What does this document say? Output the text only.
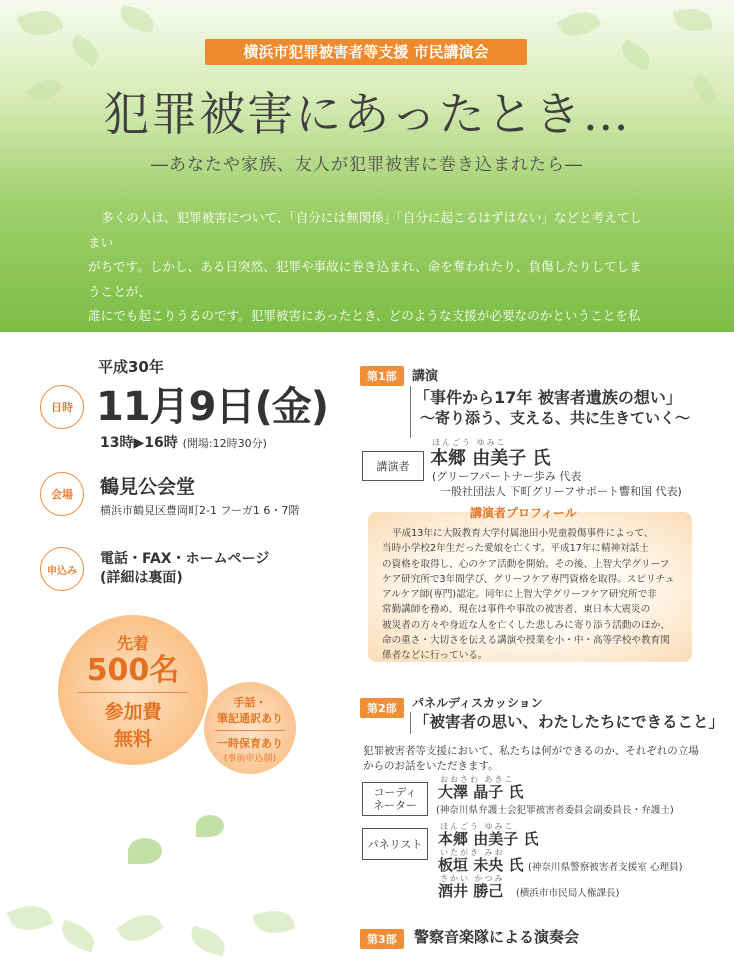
横浜市犯罪被害者等支援 市民講演会
犯罪被害にあったとき…
―あなたや家族、友人が犯罪被害に巻き込まれたら―

多くの人は、犯罪被害について、「自分には無関係」「自分に起こるはずはない」などと考えてしまい

がちです。しかし、ある日突然、犯罪や事故に巻き込まれ、命を奪われたり、負傷したりしてしまうことが、

誰にでも起こりうるのです。犯罪被害にあったとき、どのような支援が必要なのかということを私

日時
平成30年
11月9日(金)
13時▶16時 (開場:12時30分)
会場 鶴見公会堂
横浜市鶴見区豊岡町2-1 フーガ1 6・7階
申込み
電話・FAX・ホームページ
(詳細は裏面)
先着
500名
参加費
無料
手話・
筆記通訳あり
一時保育あり
(事前申込制)
第1部	講演
「事件から17年 被害者遺族の想い」
〜寄り添う、支える、共に生きていく〜
講演者
ほんごう ゆみこ
本郷 由美子 氏
(グリーフパートナー歩み 代表
一般社団法人 下町グリーフサポート響和国 代表)
講演者プロフィール
平成13年に大阪教育大学付属池田小児童殺傷事件によって、
当時小学校2年生だった愛娘を亡くす。平成17年に精神対話士
の資格を取得し、心のケア活動を開始。その後、上智大学グリーフ
ケア研究所で3年間学び、グリーフケア専門資格を取得。スピリチュ
アルケア師(専門)認定。同年に上智大学グリーフケア研究所で非
常勤講師を務め、現在は事件や事故の被害者、東日本大震災の
被災者の方々や身近な人を亡くした悲しみに寄り添う活動のほか、
命の重さ・大切さを伝える講演や授業を小・中・高等学校や教育関
係者などに行っている。
第2部	パネルディスカッション
「被害者の思い、わたしたちにできること」
犯罪被害者等支援において、私たちは何ができるのか、それぞれの立場
からのお話をいただきます。
コーディ
ネーター
おおさわ あきこ
大澤 晶子 氏
(神奈川県弁護士会犯罪被害者委員会副委員長・弁護士)
パネリスト
ほんごう ゆみこ
本郷 由美子 氏
いたがき みお
板垣 未央 氏 (神奈川県警察被害者支援室 心理員)
さかい かつみ
酒井 勝己 (横浜市市民局人権課長)
第3部	警察音楽隊による演奏会
